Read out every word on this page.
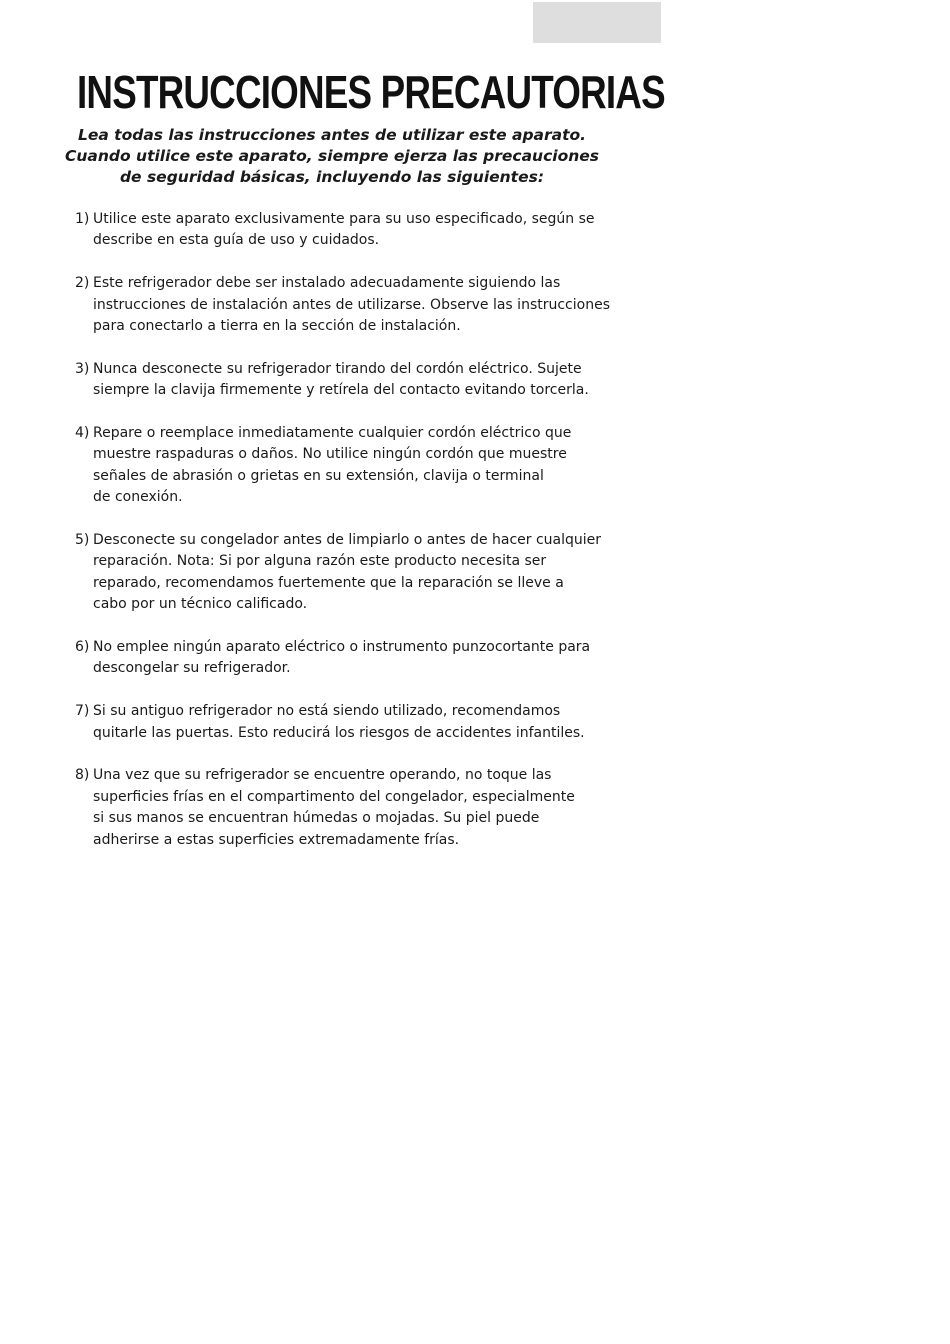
INSTRUCCIONES PRECAUTORIAS
Lea todas las instrucciones antes de utilizar este aparato.
Cuando utilice este aparato, siempre ejerza las precauciones
de seguridad básicas, incluyendo las siguientes:
1) Utilice este aparato exclusivamente para su uso especificado, según se
describe en esta guía de uso y cuidados.
2) Este refrigerador debe ser instalado adecuadamente siguiendo las
instrucciones de instalación antes de utilizarse. Observe las instrucciones
para conectarlo a tierra en la sección de instalación.
3) Nunca desconecte su refrigerador tirando del cordón eléctrico. Sujete
siempre la clavija firmemente y retírela del contacto evitando torcerla.
4) Repare o reemplace inmediatamente cualquier cordón eléctrico que
muestre raspaduras o daños. No utilice ningún cordón que muestre
señales de abrasión o grietas en su extensión, clavija o terminal
de conexión.
5) Desconecte su congelador antes de limpiarlo o antes de hacer cualquier
reparación. Nota: Si por alguna razón este producto necesita ser
reparado, recomendamos fuertemente que la reparación se lleve a
cabo por un técnico calificado.
6) No emplee ningún aparato eléctrico o instrumento punzocortante para
descongelar su refrigerador.
7) Si su antiguo refrigerador no está siendo utilizado, recomendamos
quitarle las puertas. Esto reducirá los riesgos de accidentes infantiles.
8) Una vez que su refrigerador se encuentre operando, no toque las
superficies frías en el compartimento del congelador, especialmente
si sus manos se encuentran húmedas o mojadas. Su piel puede
adherirse a estas superficies extremadamente frías.
